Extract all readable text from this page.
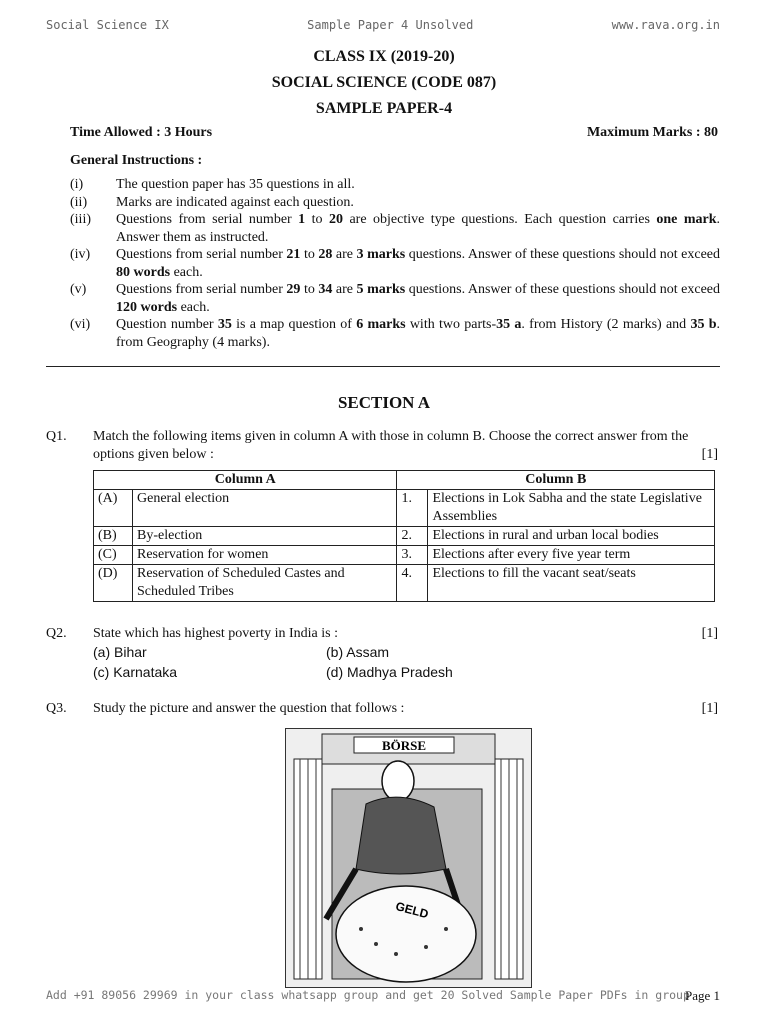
Social Science IX	Sample Paper 4 Unsolved	www.rava.org.in
CLASS IX (2019-20)
SOCIAL SCIENCE (CODE 087)
SAMPLE PAPER-4
Time Allowed : 3 Hours	Maximum Marks : 80
General Instructions :
(i)	The question paper has 35 questions in all.
(ii)	Marks are indicated against each question.
(iii)	Questions from serial number 1 to 20 are objective type questions. Each question carries one mark. Answer them as instructed.
(iv)	Questions from serial number 21 to 28 are 3 marks questions. Answer of these questions should not exceed 80 words each.
(v)	Questions from serial number 29 to 34 are 5 marks questions. Answer of these questions should not exceed 120 words each.
(vi)	Question number 35 is a map question of 6 marks with two parts-35 a. from History (2 marks) and 35 b. from Geography (4 marks).
SECTION A
Q1. Match the following items given in column A with those in column B. Choose the correct answer from the options given below :	[1]
Column A		Column B	
(A)	General election	1.	Elections in Lok Sabha and the state Legislative Assemblies
(B)	By-election	2.	Elections in rural and urban local bodies
(C)	Reservation for women	3.	Elections after every five year term
(D)	Reservation of Scheduled Castes and Scheduled Tribes	4.	Elections to fill the vacant seat/seats
Q2. State which has highest poverty in India is :	[1]
(a) Bihar	(b) Assam
(c) Karnataka	(d) Madhya Pradesh
Q3. Study the picture and answer the question that follows :	[1]
BÖRSE
GELD
Add +91 89056 29969 in your class whatsapp group and get 20 Solved Sample Paper PDFs in group
Page 1
